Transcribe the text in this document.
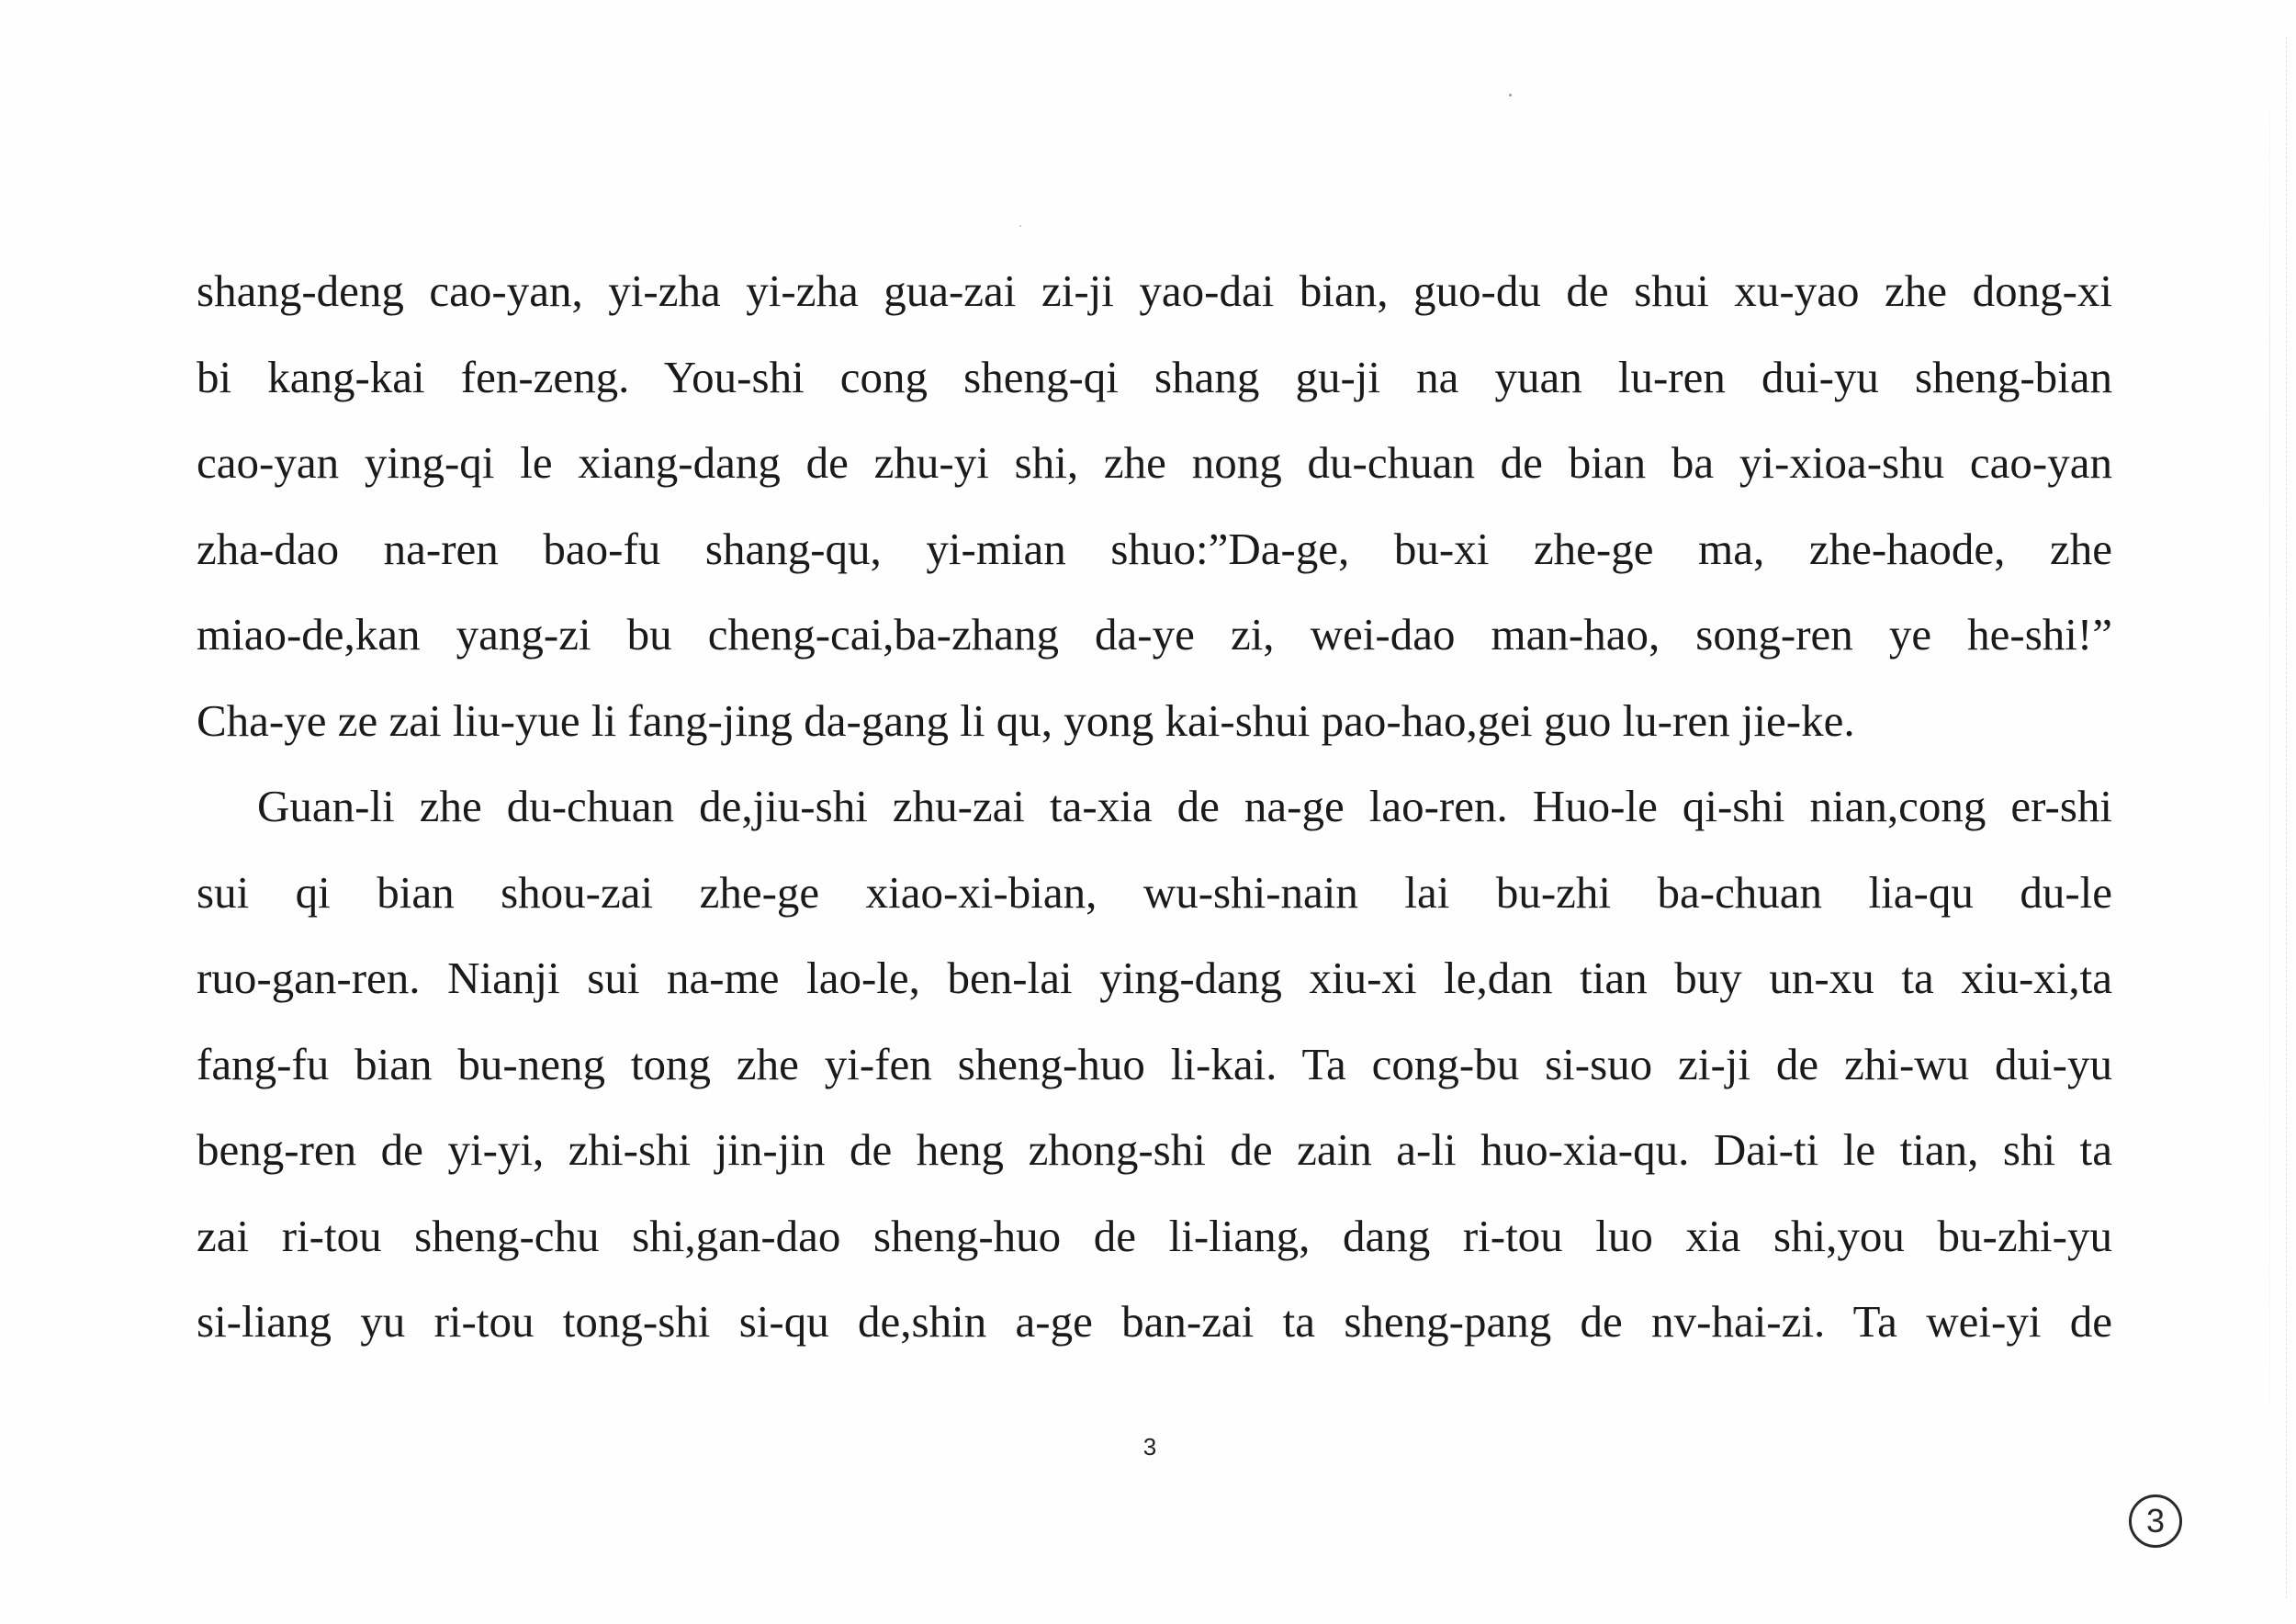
shang-deng cao-yan, yi-zha yi-zha gua-zai zi-ji yao-dai bian, guo-du de shui xu-yao zhe dong-xi
bi kang-kai fen-zeng. You-shi cong sheng-qi shang gu-ji na yuan lu-ren dui-yu sheng-bian
cao-yan ying-qi le xiang-dang de zhu-yi shi, zhe nong du-chuan de bian ba yi-xioa-shu cao-yan
zha-dao na-ren bao-fu shang-qu, yi-mian shuo:”Da-ge, bu-xi zhe-ge ma, zhe-haode, zhe
miao-de,kan yang-zi bu cheng-cai,ba-zhang da-ye zi, wei-dao man-hao, song-ren ye he-shi!”
Cha-ye ze zai liu-yue li fang-jing da-gang li qu, yong kai-shui pao-hao,gei guo lu-ren jie-ke.
Guan-li zhe du-chuan de,jiu-shi zhu-zai ta-xia de na-ge lao-ren. Huo-le qi-shi nian,cong er-shi
sui qi bian shou-zai zhe-ge xiao-xi-bian, wu-shi-nain lai bu-zhi ba-chuan lia-qu du-le
ruo-gan-ren. Nianji sui na-me lao-le, ben-lai ying-dang xiu-xi le,dan tian buy un-xu ta xiu-xi,ta
fang-fu bian bu-neng tong zhe yi-fen sheng-huo li-kai. Ta cong-bu si-suo zi-ji de zhi-wu dui-yu
beng-ren de yi-yi, zhi-shi jin-jin de heng zhong-shi de zain a-li huo-xia-qu. Dai-ti le tian, shi ta
zai ri-tou sheng-chu shi,gan-dao sheng-huo de li-liang, dang ri-tou luo xia shi,you bu-zhi-yu
si-liang yu ri-tou tong-shi si-qu de,shin a-ge ban-zai ta sheng-pang de nv-hai-zi. Ta wei-yi de
3
3
